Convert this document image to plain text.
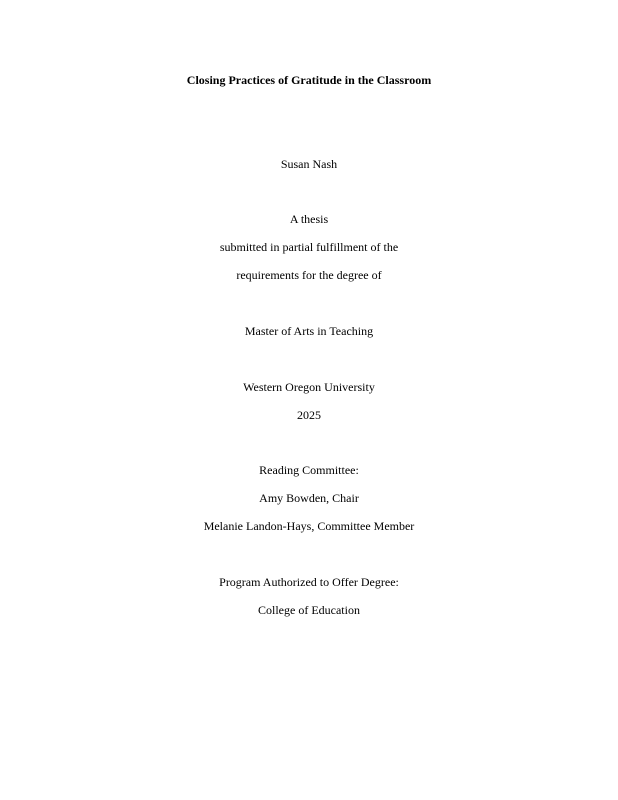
Closing Practices of Gratitude in the Classroom
Susan Nash
A thesis
submitted in partial fulfillment of the
requirements for the degree of
Master of Arts in Teaching
Western Oregon University
2025
Reading Committee:
Amy Bowden, Chair
Melanie Landon-Hays, Committee Member
Program Authorized to Offer Degree:
College of Education
